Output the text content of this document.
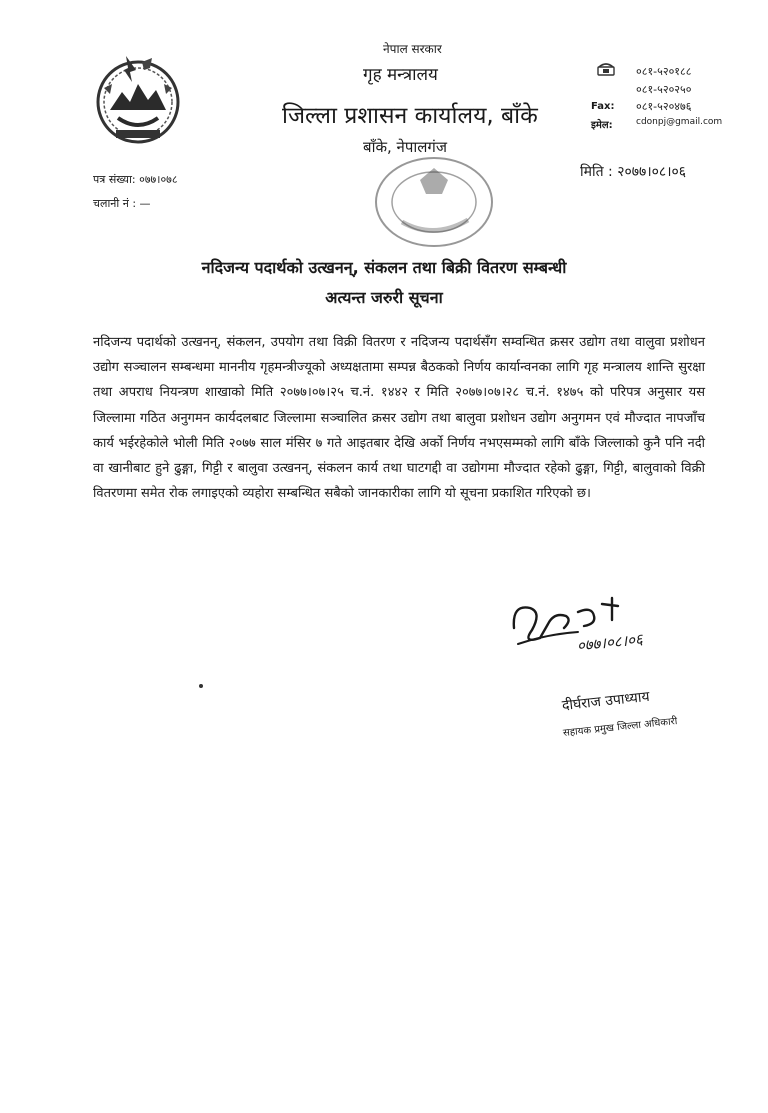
नेपाल सरकार
गृह मन्त्रालय
जिल्ला प्रशासन कार्यालय, बाँके
बाँके, नेपालगंज
०८१-५२०१८८
०८१-५२०२५०
Fax: ०८१-५२०४७६
इमेल:	cdonpj@gmail.com
पत्र संख्या: ०७७।०७८
चलानी नं : —
मिति : २०७७।०८।०६
नदिजन्य पदार्थको उत्खनन्, संकलन तथा बिक्री वितरण सम्बन्धी
अत्यन्त जरुरी सूचना
नदिजन्य पदार्थको उत्खनन्, संकलन, उपयोग तथा विक्री वितरण र नदिजन्य पदार्थसँग सम्वन्धित क्रसर उद्योग तथा वालुवा प्रशोधन उद्योग सञ्चालन सम्बन्धमा माननीय गृहमन्त्रीज्यूको अध्यक्षतामा सम्पन्न बैठकको निर्णय कार्यान्वनका लागि गृह मन्त्रालय शान्ति सुरक्षा तथा अपराध नियन्त्रण शाखाको मिति २०७७।०७।२५ च.नं. १४४२ र मिति २०७७।०७।२८ च.नं. १४७५ को परिपत्र अनुसार यस जिल्लामा गठित अनुगमन कार्यदलबाट जिल्लामा सञ्चालित क्रसर उद्योग तथा बालुवा प्रशोधन उद्योग अनुगमन एवं मौज्दात नापजाँच कार्य भईरहेकोले भोली मिति २०७७ साल मंसिर ७ गते आइतबार देखि अर्को निर्णय नभएसम्मको लागि बाँके जिल्लाको कुनै पनि नदी वा खानीबाट हुने ढुङ्गा, गिट्टी र बालुवा उत्खनन्, संकलन कार्य तथा घाटगद्दी वा उद्योगमा मौज्दात रहेको ढुङ्गा, गिट्टी, बालुवाको विक्री वितरणमा समेत रोक लगाइएको व्यहोरा सम्बन्धित सबैको जानकारीका लागि यो सूचना प्रकाशित गरिएको छ।
०७७।०८।०६
दीर्घराज उपाध्याय
सहायक प्रमुख जिल्ला अधिकारी
